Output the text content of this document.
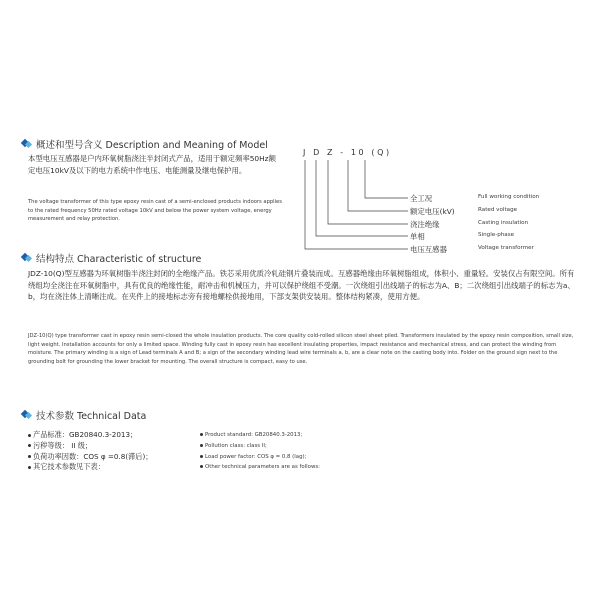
概述和型号含义 Description and Meaning of Model
本型电压互感器是户内环氧树脂浇注半封闭式产品，适用于额定频率50Hz额定电压10kV及以下的电力系统中作电压、电能测量及继电保护用。
The voltage transformer of this type epoxy resin cast of a semi-enclosed products indoors applies to the rated frequency 50Hz rated voltage 10kV and below the power system voltage, energy measurement and relay protection.
J D Z - 10 (Q)
全工况	Full working condition
额定电压(kV)	Rated voltage
浇注绝缘	Casting insulation
单相	Single-phase
电压互感器	Voltage transformer
结构特点 Characteristic of structure
JDZ-10(Q)型互感器为环氧树脂半浇注封闭的全绝缘产品。铁芯采用优质冷轧硅钢片叠装而成。互感器绝缘由环氧树脂组成，体积小、重量轻。安装仅占有限空间。所有绕组均全浇注在环氧树脂中，具有优良的绝缘性能，耐冲击和机械压力，并可以保护绕组不受潮。一次绕组引出线端子的标志为A、B；二次绕组引出线端子的标志为a、b，均在浇注体上清晰注成。在夹件上的接地标志旁有接地螺栓供接地用，下部支架供安装用。整体结构紧凑，使用方便。
JDZ-10(Q) type transformer cast in epoxy resin semi-closed the whole insulation products. The core quality cold-rolled silicon steel sheet piled. Transformers insulated by the epoxy resin composition, small size, light weight. Installation accounts for only a limited space. Winding fully cast in epoxy resin has excellent insulating properties, impact resistance and mechanical stress, and can protect the winding from moisture. The primary winding is a sign of Lead terminals A and B; a sign of the secondary winding lead wire terminals a, b, are a clear note on the casting body into. Folder on the ground sign next to the grounding bolt for grounding the lower bracket for mounting. The overall structure is compact, easy to use.
技术参数 Technical Data
产品标准：GB20840.3-2013；
污秽等级： II 级；
负荷功率因数：COS φ =0.8(滞后)；
其它技术参数见下表：
Product standard: GB20840.3-2013;
Pollution class: class II;
Load power factor: COS φ = 0.8 (lag);
Other technical parameters are as follows:
